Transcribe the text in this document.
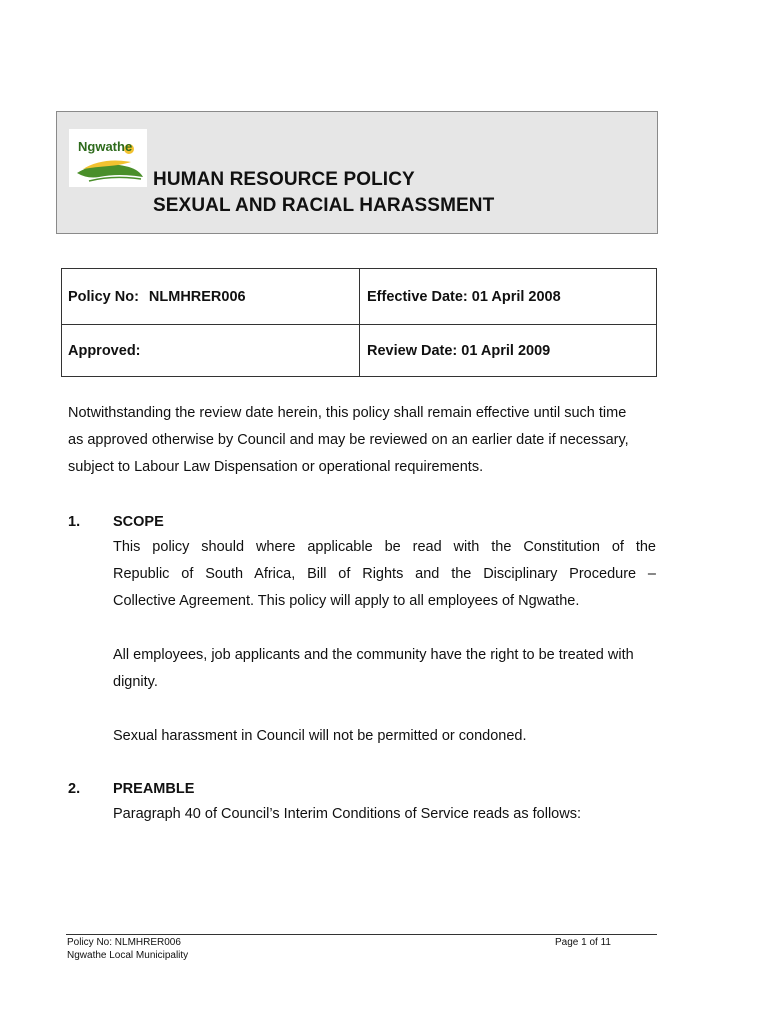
Ngwathe
HUMAN RESOURCE POLICY
SEXUAL AND RACIAL HARASSMENT
Policy No: NLMHRER006	Effective Date: 01 April 2008
Approved:	Review Date: 01 April 2009
Notwithstanding the review date herein, this policy shall remain effective until such time
as approved otherwise by Council and may be reviewed on an earlier date if necessary,
subject to Labour Law Dispensation or operational requirements.
1. SCOPE
This policy should where applicable be read with the Constitution of the
Republic of South Africa, Bill of Rights and the Disciplinary Procedure –
Collective Agreement. This policy will apply to all employees of Ngwathe.
All employees, job applicants and the community have the right to be treated with
dignity.
Sexual harassment in Council will not be permitted or condoned.
2. PREAMBLE
Paragraph 40 of Council’s Interim Conditions of Service reads as follows:
Policy No: NLMHRER006
Ngwathe Local Municipality
Page 1 of 11
